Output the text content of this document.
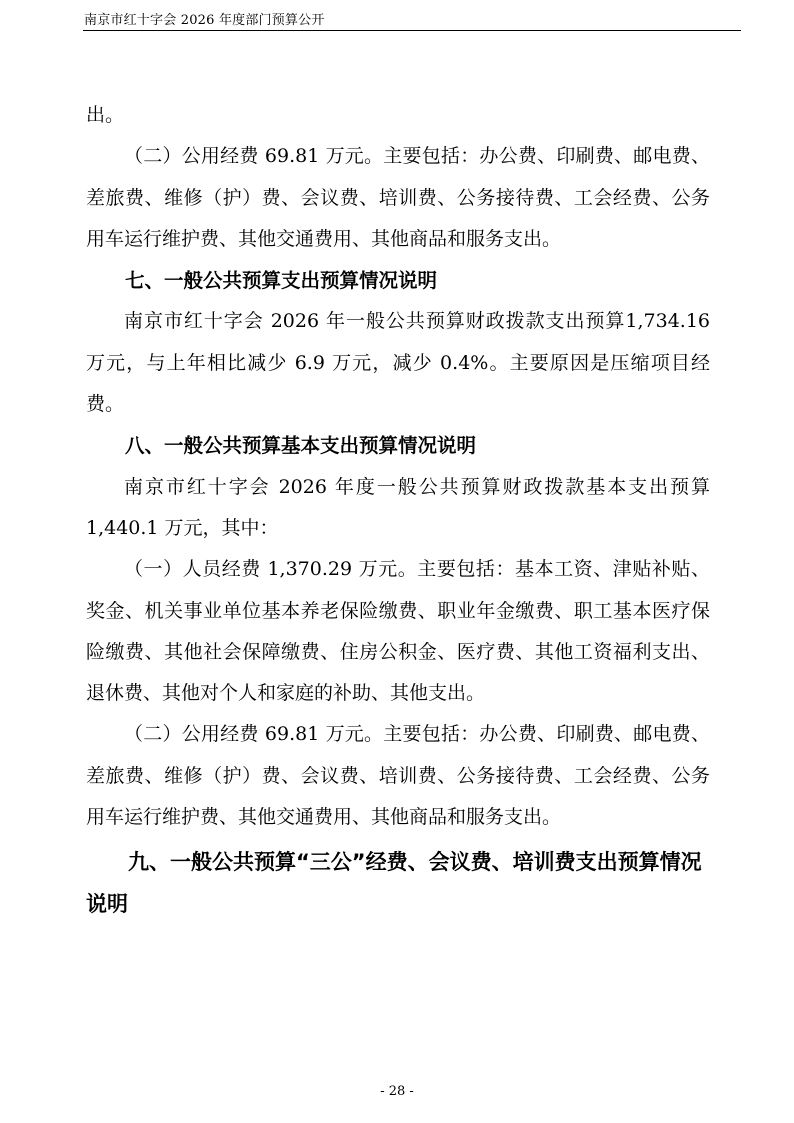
南京市红十字会 2026 年度部门预算公开

出。

（二）公用经费 69.81 万元。主要包括：办公费、印刷费、邮电费、差旅费、维修（护）费、会议费、培训费、公务接待费、工会经费、公务用车运行维护费、其他交通费用、其他商品和服务支出。

七、一般公共预算支出预算情况说明

南京市红十字会 2026 年一般公共预算财政拨款支出预算1,734.16 万元，与上年相比减少 6.9 万元，减少 0.4%。主要原因是压缩项目经费。

八、一般公共预算基本支出预算情况说明

南京市红十字会 2026 年度一般公共预算财政拨款基本支出预算 1,440.1 万元，其中：

（一）人员经费 1,370.29 万元。主要包括：基本工资、津贴补贴、奖金、机关事业单位基本养老保险缴费、职业年金缴费、职工基本医疗保险缴费、其他社会保障缴费、住房公积金、医疗费、其他工资福利支出、退休费、其他对个人和家庭的补助、其他支出。

（二）公用经费 69.81 万元。主要包括：办公费、印刷费、邮电费、差旅费、维修（护）费、会议费、培训费、公务接待费、工会经费、公务用车运行维护费、其他交通费用、其他商品和服务支出。

九、一般公共预算“三公”经费、会议费、培训费支出预算情况说明

- 28 -
